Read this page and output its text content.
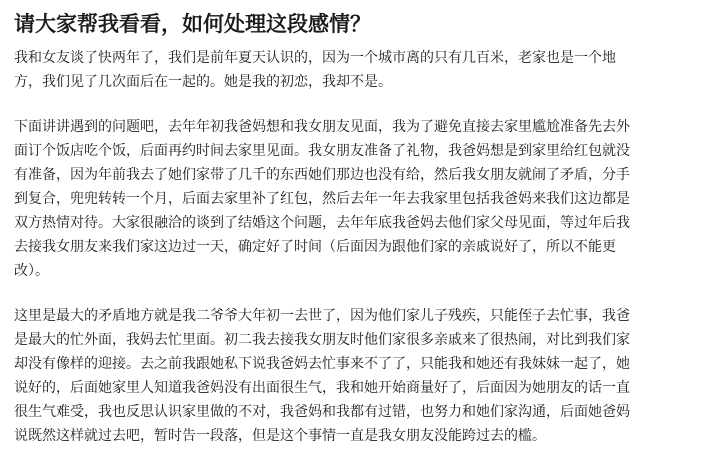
请大家帮我看看，如何处理这段感情？

我和女友谈了快两年了，我们是前年夏天认识的，因为一个城市离的只有几百米，老家也是一个地
方，我们见了几次面后在一起的。她是我的初恋，我却不是。

下面讲讲遇到的问题吧，去年年初我爸妈想和我女朋友见面，我为了避免直接去家里尴尬准备先去外
面订个饭店吃个饭，后面再约时间去家里见面。我女朋友准备了礼物，我爸妈想是到家里给红包就没
有准备，因为年前我去了她们家带了几千的东西她们那边也没有给，然后我女朋友就闹了矛盾，分手
到复合，兜兜转转一个月，后面去家里补了红包，然后去年一年去我家里包括我爸妈来我们这边都是
双方热情对待。大家很融洽的谈到了结婚这个问题，去年年底我爸妈去他们家父母见面，等过年后我
去接我女朋友来我们家这边过一天，确定好了时间（后面因为跟他们家的亲戚说好了，所以不能更
改）。

这里是最大的矛盾地方就是我二爷爷大年初一去世了，因为他们家儿子残疾，只能侄子去忙事，我爸
是最大的忙外面，我妈去忙里面。初二我去接我女朋友时他们家很多亲戚来了很热闹，对比到我们家
却没有像样的迎接。去之前我跟她私下说我爸妈去忙事来不了了，只能我和她还有我妹妹一起了，她
说好的，后面她家里人知道我爸妈没有出面很生气，我和她开始商量好了，后面因为她朋友的话一直
很生气难受，我也反思认识家里做的不对，我爸妈和我都有过错，也努力和她们家沟通，后面她爸妈
说既然这样就过去吧，暂时告一段落，但是这个事情一直是我女朋友没能跨过去的槛。
